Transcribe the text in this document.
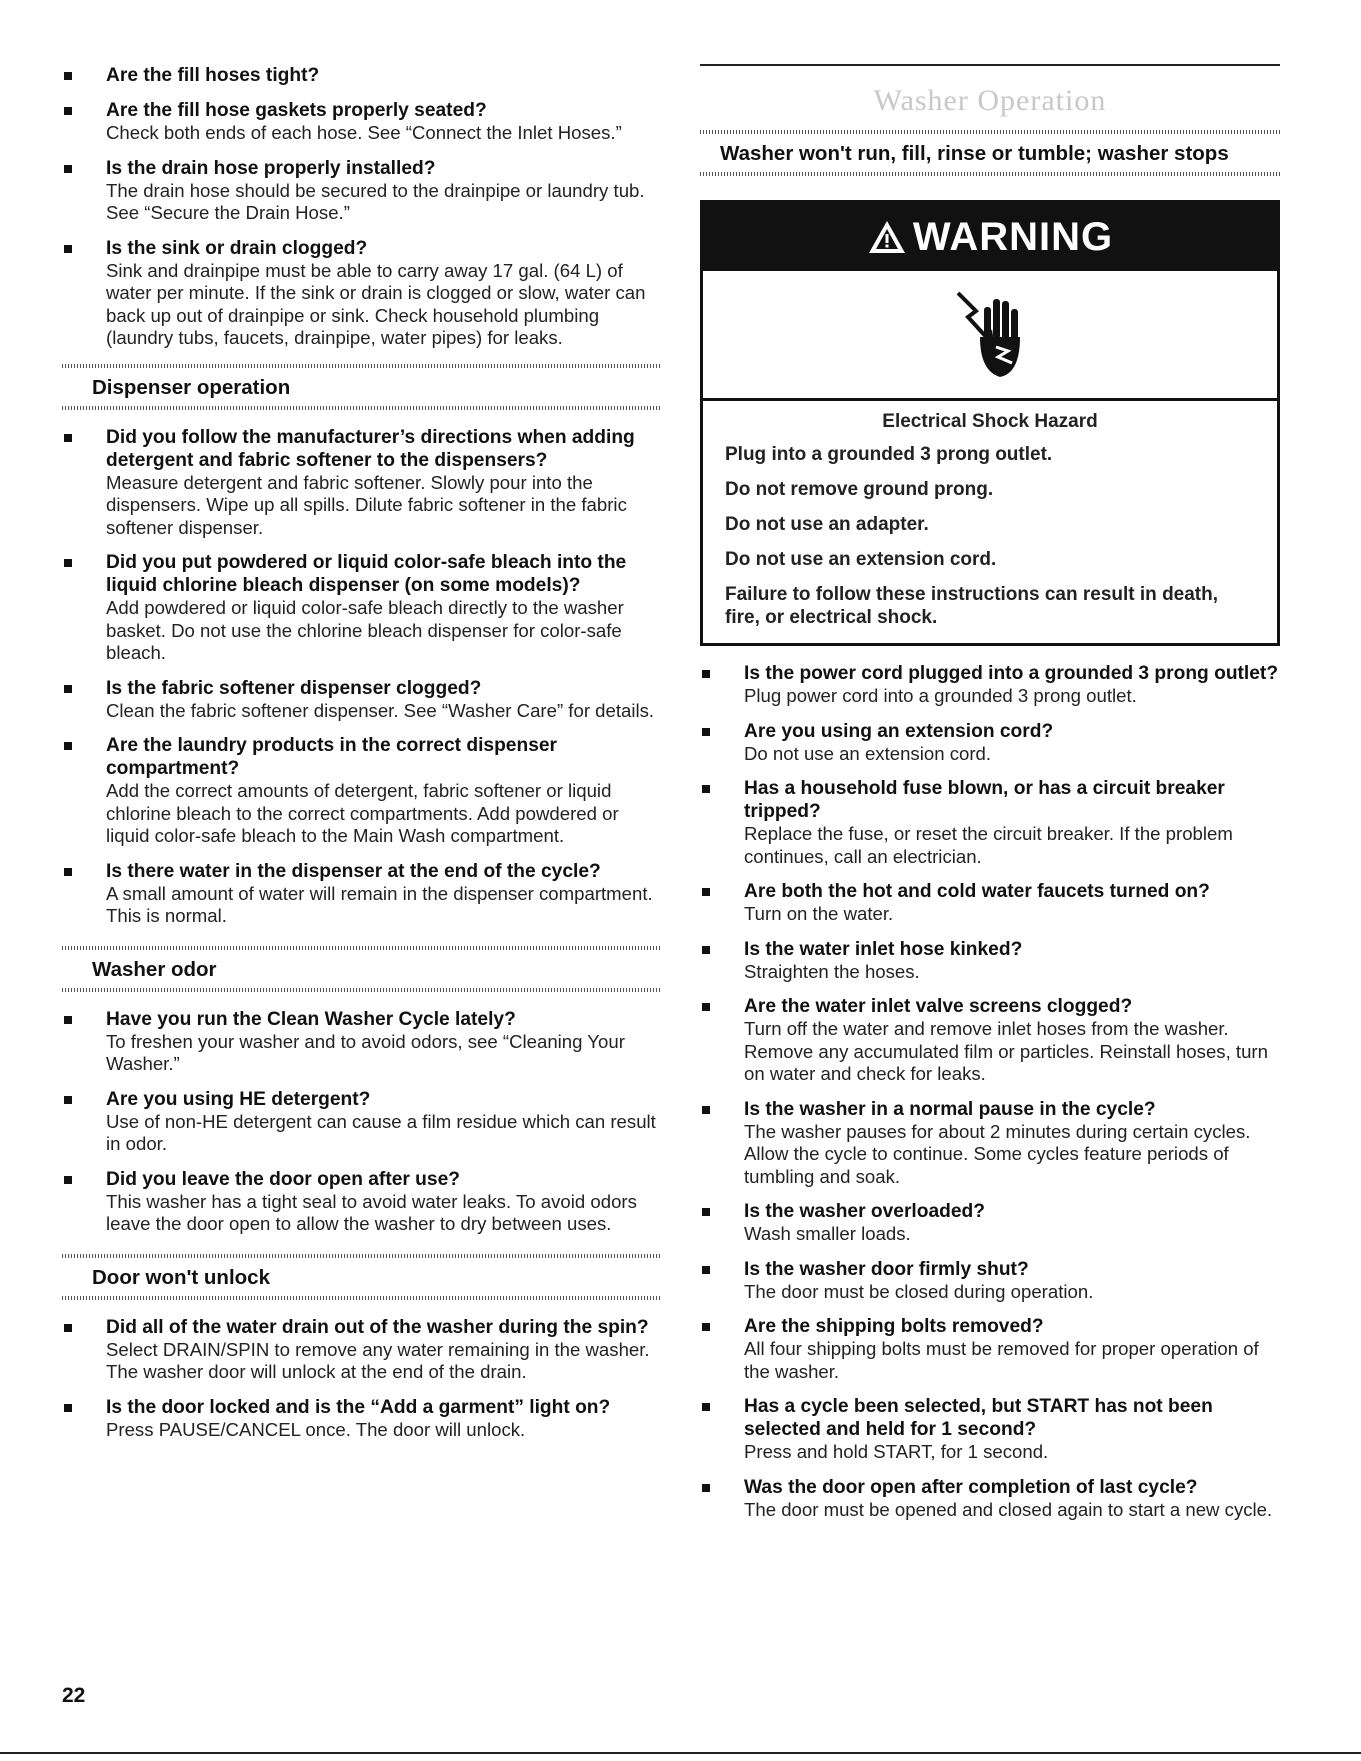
Are the fill hoses tight?
Are the fill hose gaskets properly seated?
Check both ends of each hose. See “Connect the Inlet Hoses.”
Is the drain hose properly installed?
The drain hose should be secured to the drainpipe or laundry tub. See “Secure the Drain Hose.”
Is the sink or drain clogged?
Sink and drainpipe must be able to carry away 17 gal. (64 L) of water per minute. If the sink or drain is clogged or slow, water can back up out of drainpipe or sink. Check household plumbing (laundry tubs, faucets, drainpipe, water pipes) for leaks.
Dispenser operation
Did you follow the manufacturer’s directions when adding detergent and fabric softener to the dispensers?
Measure detergent and fabric softener. Slowly pour into the dispensers. Wipe up all spills. Dilute fabric softener in the fabric softener dispenser.
Did you put powdered or liquid color-safe bleach into the liquid chlorine bleach dispenser (on some models)?
Add powdered or liquid color-safe bleach directly to the washer basket. Do not use the chlorine bleach dispenser for color-safe bleach.
Is the fabric softener dispenser clogged?
Clean the fabric softener dispenser. See “Washer Care” for details.
Are the laundry products in the correct dispenser compartment?
Add the correct amounts of detergent, fabric softener or liquid chlorine bleach to the correct compartments. Add powdered or liquid color-safe bleach to the Main Wash compartment.
Is there water in the dispenser at the end of the cycle?
A small amount of water will remain in the dispenser compartment. This is normal.
Washer odor
Have you run the Clean Washer Cycle lately?
To freshen your washer and to avoid odors, see “Cleaning Your Washer.”
Are you using HE detergent?
Use of non-HE detergent can cause a film residue which can result in odor.
Did you leave the door open after use?
This washer has a tight seal to avoid water leaks. To avoid odors leave the door open to allow the washer to dry between uses.
Door won't unlock
Did all of the water drain out of the washer during the spin?
Select DRAIN/SPIN to remove any water remaining in the washer. The washer door will unlock at the end of the drain.
Is the door locked and is the “Add a garment” light on?
Press PAUSE/CANCEL once. The door will unlock.
Washer Operation
Washer won't run, fill, rinse or tumble; washer stops
WARNING
Electrical Shock Hazard
Plug into a grounded 3 prong outlet.
Do not remove ground prong.
Do not use an adapter.
Do not use an extension cord.
Failure to follow these instructions can result in death, fire, or electrical shock.
Is the power cord plugged into a grounded 3 prong outlet?
Plug power cord into a grounded 3 prong outlet.
Are you using an extension cord?
Do not use an extension cord.
Has a household fuse blown, or has a circuit breaker tripped?
Replace the fuse, or reset the circuit breaker. If the problem continues, call an electrician.
Are both the hot and cold water faucets turned on?
Turn on the water.
Is the water inlet hose kinked?
Straighten the hoses.
Are the water inlet valve screens clogged?
Turn off the water and remove inlet hoses from the washer. Remove any accumulated film or particles. Reinstall hoses, turn on water and check for leaks.
Is the washer in a normal pause in the cycle?
The washer pauses for about 2 minutes during certain cycles. Allow the cycle to continue. Some cycles feature periods of tumbling and soak.
Is the washer overloaded?
Wash smaller loads.
Is the washer door firmly shut?
The door must be closed during operation.
Are the shipping bolts removed?
All four shipping bolts must be removed for proper operation of the washer.
Has a cycle been selected, but START has not been selected and held for 1 second?
Press and hold START, for 1 second.
Was the door open after completion of last cycle?
The door must be opened and closed again to start a new cycle.
22
